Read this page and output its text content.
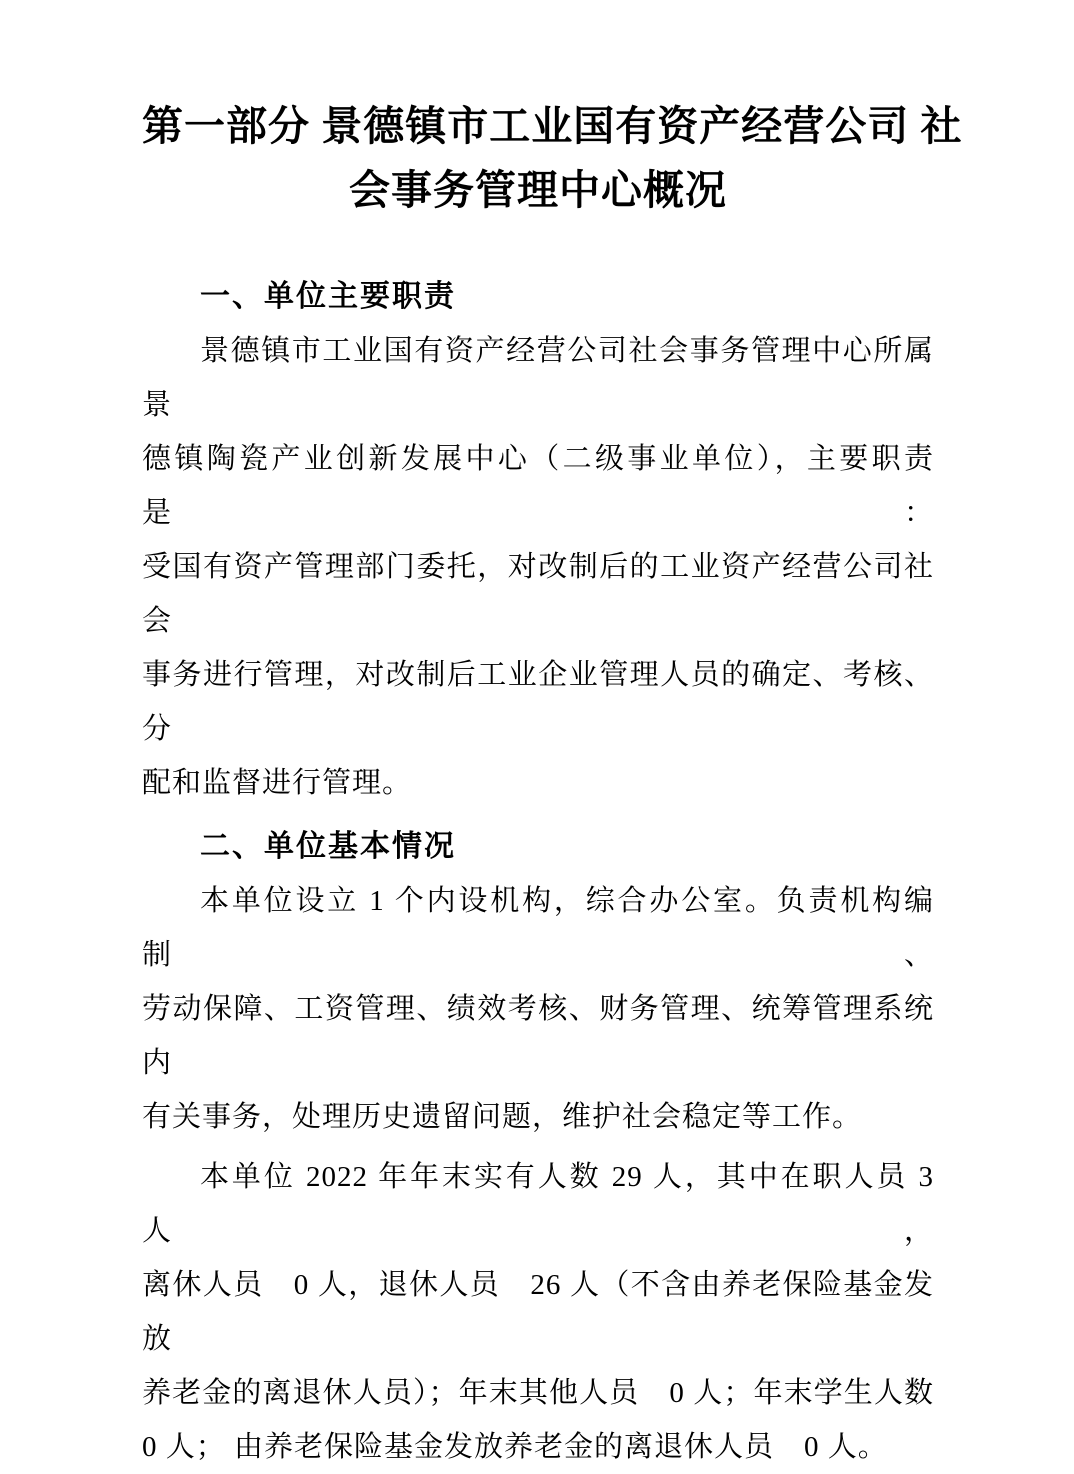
第一部分 景德镇市工业国有资产经营公司 社
会事务管理中心概况
一、单位主要职责
景德镇市工业国有资产经营公司社会事务管理中心所属景
德镇陶瓷产业创新发展中心（二级事业单位），主要职责是：
受国有资产管理部门委托，对改制后的工业资产经营公司社会
事务进行管理，对改制后工业企业管理人员的确定、考核、分
配和监督进行管理。
二、单位基本情况
本单位设立 1 个内设机构，综合办公室。负责机构编制、
劳动保障、工资管理、绩效考核、财务管理、统筹管理系统内
有关事务，处理历史遗留问题，维护社会稳定等工作。
本单位 2022 年年末实有人数 29 人，其中在职人员 3 人，
离休人员　0 人，退休人员　26 人（不含由养老保险基金发放
养老金的离退休人员）；年末其他人员　0 人；年末学生人数
0 人； 由养老保险基金发放养老金的离退休人员　0 人。
